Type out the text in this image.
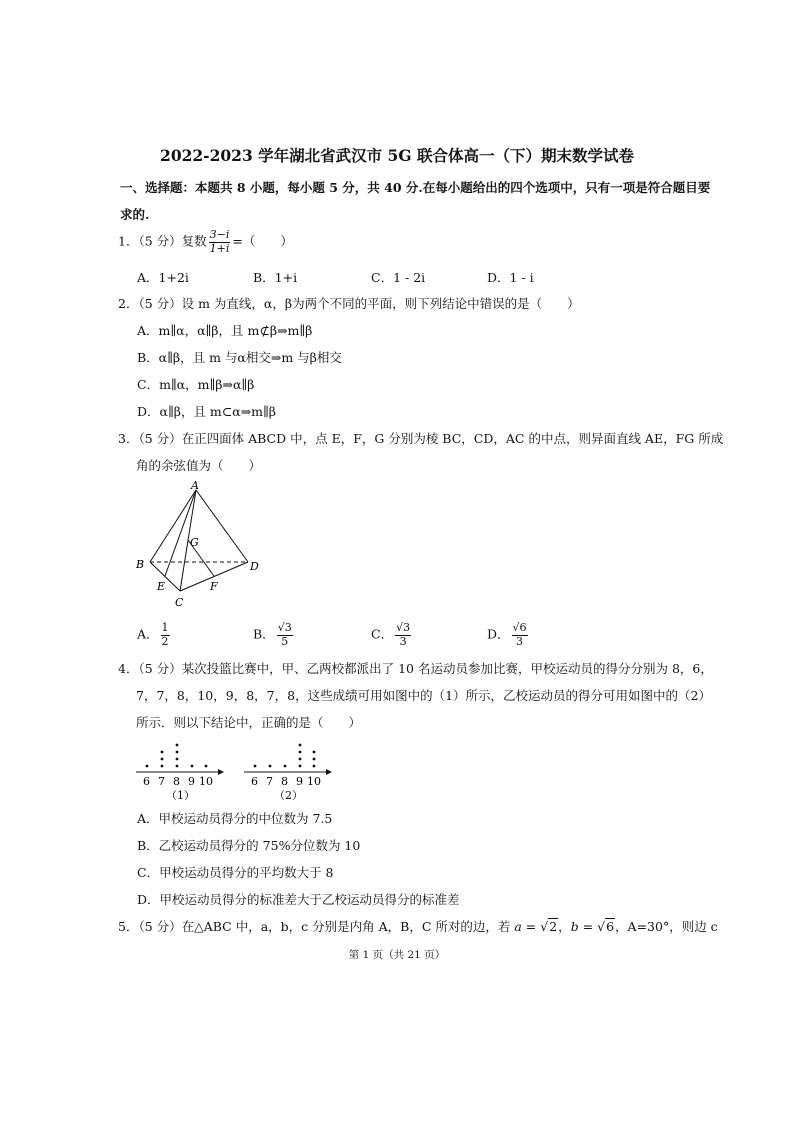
2022-2023 学年湖北省武汉市 5G 联合体高一（下）期末数学试卷
一、选择题：本题共 8 小题，每小题 5 分，共 40 分.在每小题给出的四个选项中，只有一项是符合题目要
求的.
1．（5 分）复数 $\frac{3-i}{1+i}$ =（　　）
A．1+2i	B．1+i	C．1 - 2i	D．1 - i
2．（5 分）设 m 为直线，α，β为两个不同的平面，则下列结论中错误的是（　　）
A．m∥α，α∥β，且 m⊄β⇒m∥β
B．α∥β，且 m 与α相交⇒m 与β相交
C．m∥α，m∥β⇒α∥β
D．α∥β，且 m⊂α⇒m∥β
3．（5 分）在正四面体 ABCD 中，点 E，F，G 分别为棱 BC，CD，AC 的中点，则异面直线 AE，FG 所成
角的余弦值为（　　）
A
B
C
D
E	F
G
A． $\frac{1}{2}$	B． $\frac{√3}{5}$	C． $\frac{√3}{3}$	D． $\frac{√6}{3}$
4．（5 分）某次投篮比赛中，甲、乙两校都派出了 10 名运动员参加比赛，甲校运动员的得分分别为 8，6，
7，7，8，10，9，8，7，8，这些成绩可用如图中的（1）所示，乙校运动员的得分可用如图中的（2）
所示．则以下结论中，正确的是（　　）
6 7 8 9 10
（1）
6 7 8 9 10
（2）
A．甲校运动员得分的中位数为 7.5
B．乙校运动员得分的 75%分位数为 10
C．甲校运动员得分的平均数大于 8
D．甲校运动员得分的标准差大于乙校运动员得分的标准差
5．（5 分）在△ABC 中，a，b，c 分别是内角 A，B，C 所对的边，若 a = √2，b = √6，A=30°，则边 c
第 1 页（共 21 页）
